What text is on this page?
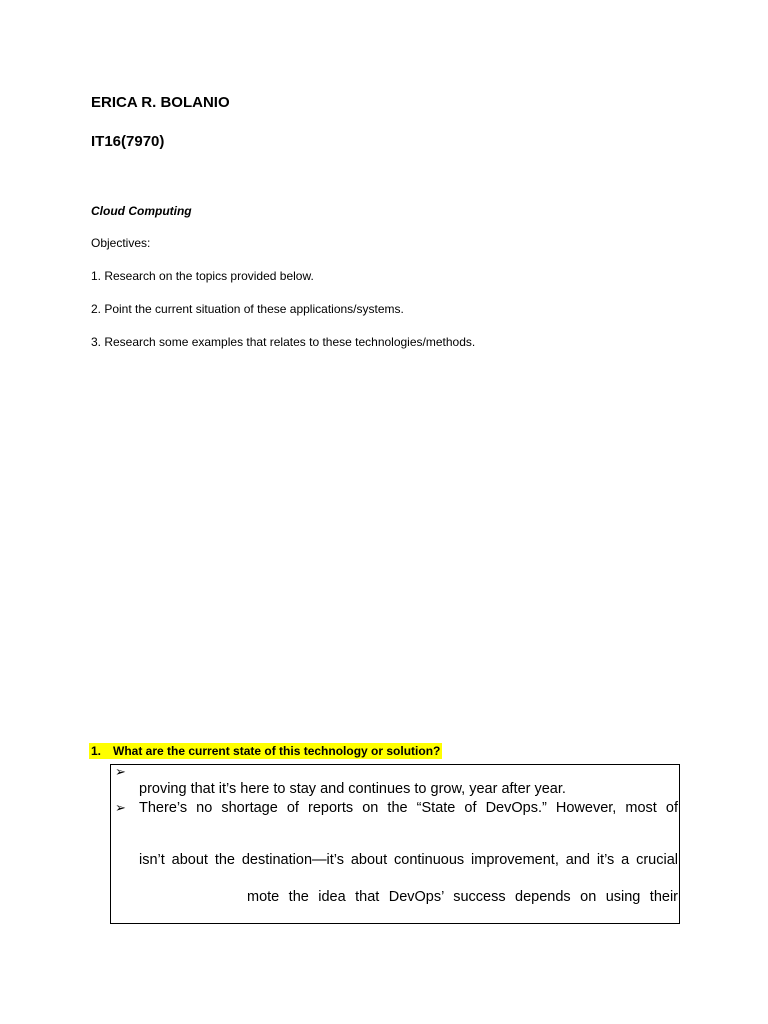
ERICA R. BOLANIO
IT16(7970)
Cloud Computing
Objectives:
1. Research on the topics provided below.
2. Point the current situation of these applications/systems.
3. Research some examples that relates to these technologies/methods.
1. What are the current state of this technology or solution?
➢
➢
proving that it’s here to stay and continues to grow, year after year.
There’s no shortage of reports on the “State of DevOps.” However, most of
isn’t about the destination—it’s about continuous improvement, and it’s a crucial
mote the idea that DevOps’ success depends on using their
